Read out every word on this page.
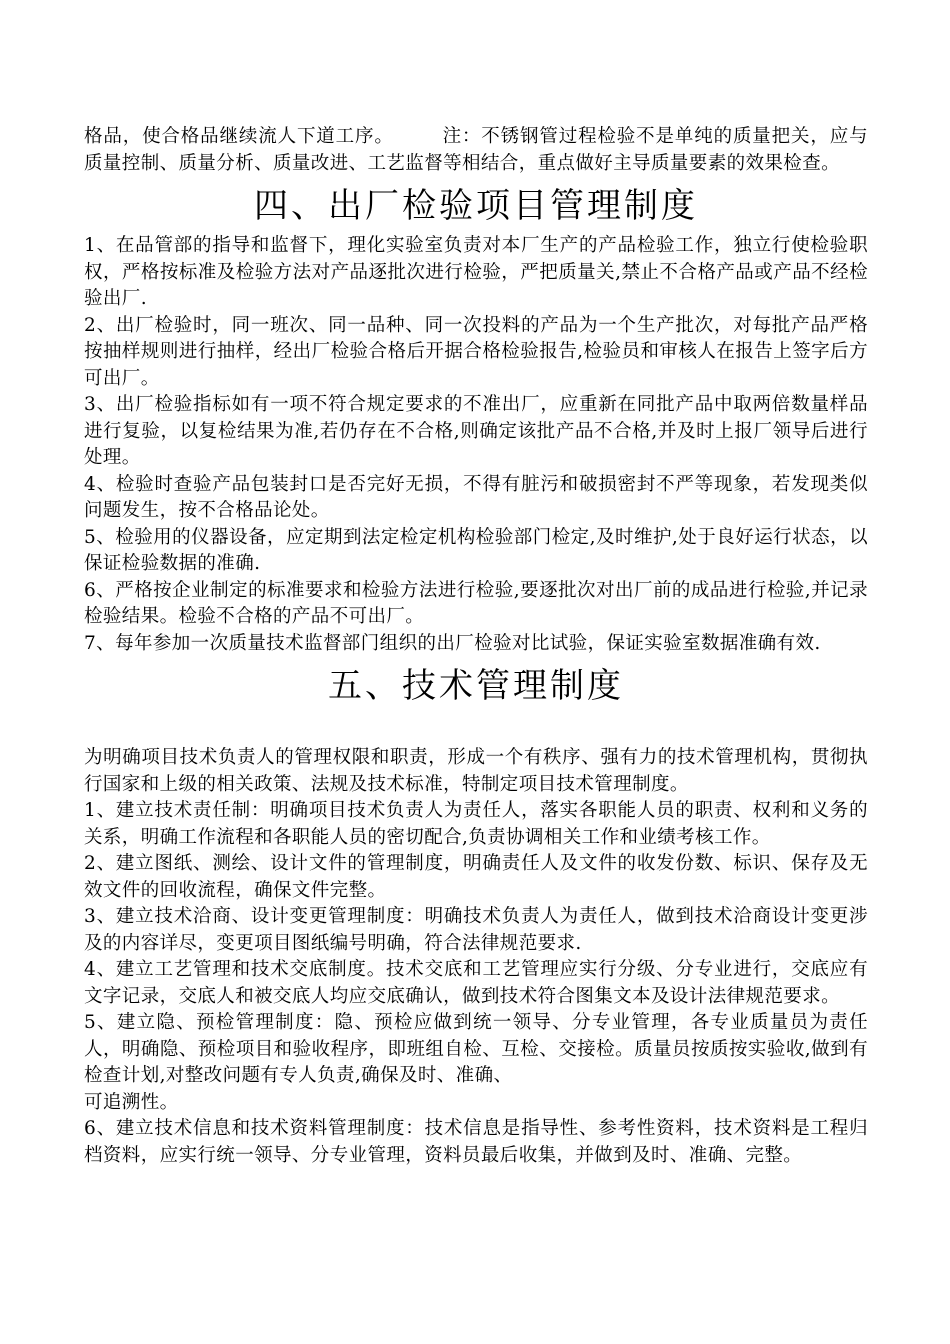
格品，使合格品继续流人下道工序。　　　注：不锈钢管过程检验不是单纯的质量把关，应与质量控制、质量分析、质量改进、工艺监督等相结合，重点做好主导质量要素的效果检查。

四、出厂检验项目管理制度

1、在品管部的指导和监督下，理化实验室负责对本厂生产的产品检验工作，独立行使检验职权，严格按标准及检验方法对产品逐批次进行检验，严把质量关,禁止不合格产品或产品不经检验出厂.

2、出厂检验时，同一班次、同一品种、同一次投料的产品为一个生产批次，对每批产品严格按抽样规则进行抽样，经出厂检验合格后开据合格检验报告,检验员和审核人在报告上签字后方可出厂。

3、出厂检验指标如有一项不符合规定要求的不准出厂，应重新在同批产品中取两倍数量样品进行复验，以复检结果为准,若仍存在不合格,则确定该批产品不合格,并及时上报厂领导后进行处理。

4、检验时查验产品包装封口是否完好无损，不得有脏污和破损密封不严等现象，若发现类似问题发生，按不合格品论处。

5、检验用的仪器设备，应定期到法定检定机构检验部门检定,及时维护,处于良好运行状态，以保证检验数据的准确.

6、严格按企业制定的标准要求和检验方法进行检验,要逐批次对出厂前的成品进行检验,并记录检验结果。检验不合格的产品不可出厂。

7、每年参加一次质量技术监督部门组织的出厂检验对比试验，保证实验室数据准确有效.

五、技术管理制度

为明确项目技术负责人的管理权限和职责，形成一个有秩序、强有力的技术管理机构，贯彻执行国家和上级的相关政策、法规及技术标准，特制定项目技术管理制度。

1、建立技术责任制：明确项目技术负责人为责任人，落实各职能人员的职责、权利和义务的关系，明确工作流程和各职能人员的密切配合,负责协调相关工作和业绩考核工作。

2、建立图纸、测绘、设计文件的管理制度，明确责任人及文件的收发份数、标识、保存及无效文件的回收流程，确保文件完整。

3、建立技术洽商、设计变更管理制度：明确技术负责人为责任人，做到技术洽商设计变更涉及的内容详尽，变更项目图纸编号明确，符合法律规范要求.

4、建立工艺管理和技术交底制度。技术交底和工艺管理应实行分级、分专业进行，交底应有文字记录，交底人和被交底人均应交底确认，做到技术符合图集文本及设计法律规范要求。

5、建立隐、预检管理制度：隐、预检应做到统一领导、分专业管理，各专业质量员为责任人，明确隐、预检项目和验收程序，即班组自检、互检、交接检。质量员按质按实验收,做到有检查计划,对整改问题有专人负责,确保及时、准确、

可追溯性。

6、建立技术信息和技术资料管理制度：技术信息是指导性、参考性资料，技术资料是工程归档资料，应实行统一领导、分专业管理，资料员最后收集，并做到及时、准确、完整。
